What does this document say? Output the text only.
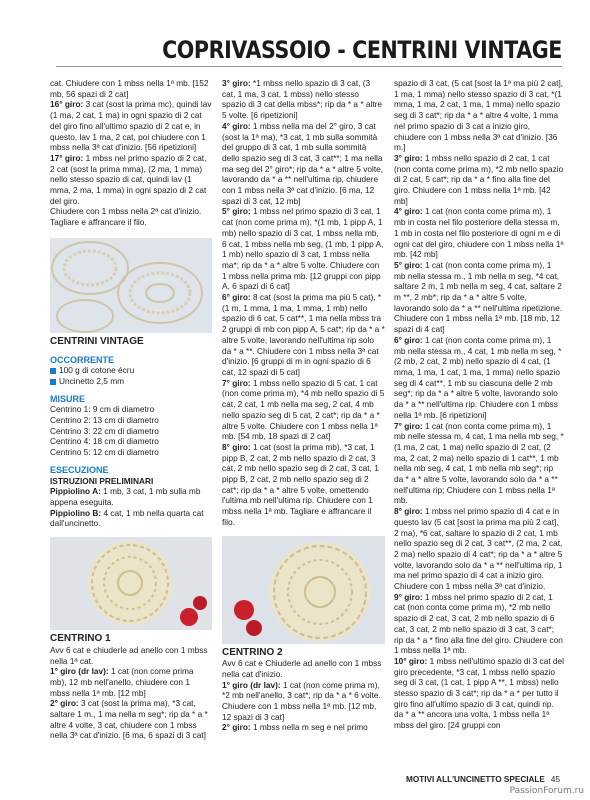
COPRIVASSOIO - CENTRINI VINTAGE

cat. Chiudere con 1 mbss nella 1ª mb. [152 mb, 56 spazi di 2 cat]

16° giro: 3 cat (sost la prima mc), quindi lav (1 ma, 2 cat, 1 ma) in ogni spazio di 2 cat del giro fino all'ultimo spazio di 2 cat e, in questo, lav 1 ma, 2 cat, poi chiudere con 1 mbss nella 3ª cat d'inizio. [56 ripetizioni]

17° giro: 1 mbss nel primo spazio di 2 cat, 2 cat (sost la prima mma), (2 ma, 1 mma) nello stesso spazio di cat, quindi lav (1 mma, 2 ma, 1 mma) in ogni spazio di 2 cat del giro.

Chiudere con 1 mbss nella 2ª cat d'inizio. Tagliare e affrancare il filo.

CENTRINI VINTAGE
OCCORRENTE

100 g di cotone écru

Uncinetto 2,5 mm

MISURE

Centrino 1: 9 cm di diametro

Centrino 2: 13 cm di diametro

Centrino 3: 22 cm di diametro

Centrino 4: 18 cm di diametro

Centrino 5: 12 cm di diametro

ESECUZIONE
ISTRUZIONI PRELIMINARI

Pippiolino A: 1 mb, 3 cat, 1 mb sulla mb appena eseguita.

Pippiolino B: 4 cat, 1 mb nella quarta cat dall'uncinetto.

CENTRINO 1

Avv 6 cat e chiuderle ad anello con 1 mbss nella 1ª cat.

1° giro (dr lav): 1 cat (non come prima mb), 12 mb nell'anello, chiudere con 1 mbss nella 1ª mb. [12 mb]

2° giro: 3 cat (sost la prima ma), *3 cat, saltare 1 m., 1 ma nella m seg*; rip da * a * altre 4 volte, 3 cat, chiudere con 1 mbss nella 3ª cat d'inizio. [6 ma, 6 spazi di 3 cat]

3° giro: *1 mbss nello spazio di 3 cat, (3 cat, 1 ma, 3 cat, 1 mbss) nello stesso spazio di 3 cat della mbss*; rip da * a * altre 5 volte. [6 ripetizioni]

4° giro: 1 mbss nella ma del 2° giro, 3 cat (sost la 1ª ma), *3 cat, 1 mb sulla sommità del gruppo di 3 cat, 1 mb sulla sommità dello spazio seg di 3 cat, 3 cat**; 1 ma nella ma seg del 2° giro*; rip da * a * altre 5 volte, lavorando da * a ** nell'ultima rip, chiudere con 1 mbss nella 3ª cat d'inizio. [6 ma, 12 spazi di 3 cat, 12 mb]

5° giro: 1 mbss nel primo spazio di 3 cat, 1 cat (non come prima m), *(1 mb, 1 pipp A, 1 mb) nello spazio di 3 cat, 1 mbss nella mb, 6 cat, 1 mbss nella mb seg, (1 mb, 1 pipp A, 1 mb) nello spazio di 3 cat, 1 mbss nella ma*; rip da * a * altre 5 volte. Chiudere con 1 mbss nella prima mb. [12 gruppi con pipp A, 6 spazi di 6 cat]

6° giro: 8 cat (sost la prima ma più 5 cat), *(1 m, 1 mma, 1 ma, 1 mma, 1 mb) nello spazio di 6 cat, 5 cat**, 1 ma nella mbss tra 2 gruppi di mb con pipp A, 5 cat*; rip da * a * altre 5 volte, lavorando nell'ultima rip solo da * a **. Chiudere con 1 mbss nella 3ª cat d'inizio. [6 gruppi di m in ogni spazio di 6 cat, 12 spazi di 5 cat]

7° giro: 1 mbss nello spazio di 5 cat, 1 cat (non come prima m), *4 mb nello spazio di 5 cat, 2 cat, 1 mb nella ma seg, 2 cat, 4 mb nello spazio seg di 5 cat, 2 cat*; rip da * a * altre 5 volte. Chiudere con 1 mbss nella 1ª mb. [54 mb, 18 spazi di 2 cat]

8° giro: 1 cat (sost la prima mb), *3 cat, 1 pipp B, 2 cat, 2 mb nello spazio di 2 cat, 3 cat, 2 mb nello spazio seg di 2 cat, 3 cat, 1 pipp B, 2 cat, 2 mb nello spazio seg di 2 cat*; rip da * a * altre 5 volte, omettendo l'ultima mb nell'ultima rip. Chiudere con 1 mbss nella 1ª mb. Tagliare e affrancare il filo.

CENTRINO 2

Avv 6 cat e Chiuderle ad anello con 1 mbss nella cat d'inizio.

1° giro (dr lav): 1 cat (non come prima m), *2 mb nell'anello, 3 cat*; rip da * a * 6 volte. Chiudere con 1 mbss nella 1ª mb. [12 mb, 12 spazi di 3 cat]

2° giro: 1 mbss nella m seg e nel primo

spazio di 3 cat, (5 cat [sost la 1ª ma più 2 cat], 1 ma, 1 mma) nello stesso spazio di 3 cat, *(1 mma, 1 ma, 2 cat, 1 ma, 1 mma) nello spazio seg di 3 cat*; rip da * a * altre 4 volte, 1 mma nel primo spazio di 3 cat a inizio giro, chiudere con 1 mbss nella 3ª cat d'inizio. [36 m.]

3° giro: 1 mbss nello spazio di 2 cat, 1 cat (non conta come prima m), *2 mb nello spazio di 2 cat, 5 cat*; rip da * a * fino alla fine del giro. Chiudere con 1 mbss nella 1ª mb. [42 mb]

4° giro: 1 cat (non conta come prima m), 1 mb in costa nel filo posteriore della stessa m, 1 mb in costa nel filo posteriore di ogni m e di ogni cat del giro, chiudere con 1 mbss nella 1ª mb. [42 mb]

5° giro: 1 cat (non conta come prima m), 1 mb nella stessa m., 1 mb nella m seg, *4 cat, saltare 2 m, 1 mb nella m seg, 4 cat, saltare 2 m **, 2 mb*; rip da * a * altre 5 volte, lavorando solo da * a ** nell'ultima ripetizione. Chiudere con 1 mbss nella 1ª mb. [18 mb, 12 spazi di 4 cat]

6° giro: 1 cat (non conta come prima m), 1 mb nella stessa m., 4 cat, 1 mb nella m seg, *(2 mb, 2 cat, 2 mb) nello spazio di 4 cat, (1 mma, 1 ma, 1 cat, 1 ma, 1 mma) nello spazio seg di 4 cat**, 1 mb su ciascuna delle 2 mb seg*; rip da * a * altre 5 volte, lavorando solo da * a ** nell'ultima rip. Chiudere con 1 mbss nella 1ª mb. [6 ripetizioni]

7° giro: 1 cat (non conta come prima m), 1 mb nelle stessa m, 4 cat, 1 ma nella mb seg, *(1 ma, 2 cat, 1 ma) nello spazio di 2 cat, (2 ma, 2 cat, 2 ma) nello spazio di 1 cat**, 1 mb nella mb seg, 4 cat, 1 mb nella mb seg*; rip da * a * altre 5 volte, lavorando solo da * a ** nell'ultima rip; Chiudere con 1 mbss nella 1ª mb.

8° giro: 1 mbss nel primo spazio di 4 cat e in questo lav (5 cat [sost la prima ma più 2 cat], 2 ma), *6 cat, saltare lo spazio di 2 cat, 1 mb nello spazio seg di 2 cat, 3 cat**, (2 ma, 2 cat, 2 ma) nello spazio di 4 cat*; rip da * a * altre 5 volte, lavorando solo da * a ** nell'ultima rip, 1 ma nel primo spazio di 4 cat a inizio giro. Chiudere con 1 mbss nella 3ª cat d'inizio.

9° giro: 1 mbss nel primo spazio di 2 cat, 1 cat (non conta come prima m), *2 mb nello spazio di 2 cat, 3 cat, 2 mb nello spazio di 6 cat, 3 cat, 2 mb nello spazio di 3 cat, 3 cat*; rip da * a * fino alla fine del giro. Chiudere con 1 mbss nella 1ª mb.

10° giro: 1 mbss nell'ultimo spazio di 3 cat del giro precedente, *3 cat, 1 mbss nello spazio seg di 3 cat, (1 cat, 1 pipp A **, 1 mbss) nello stesso spazio di 3 cat*; rip da * a * per tutto il giro fino all'ultimo spazio di 3 cat, quindi rip. da * a ** ancora una volta, 1 mbss nella 1ª mbss del giro. [24 gruppi con

MOTIVI ALL'UNCINETTO SPECIALE 45
PassionForum.ru
